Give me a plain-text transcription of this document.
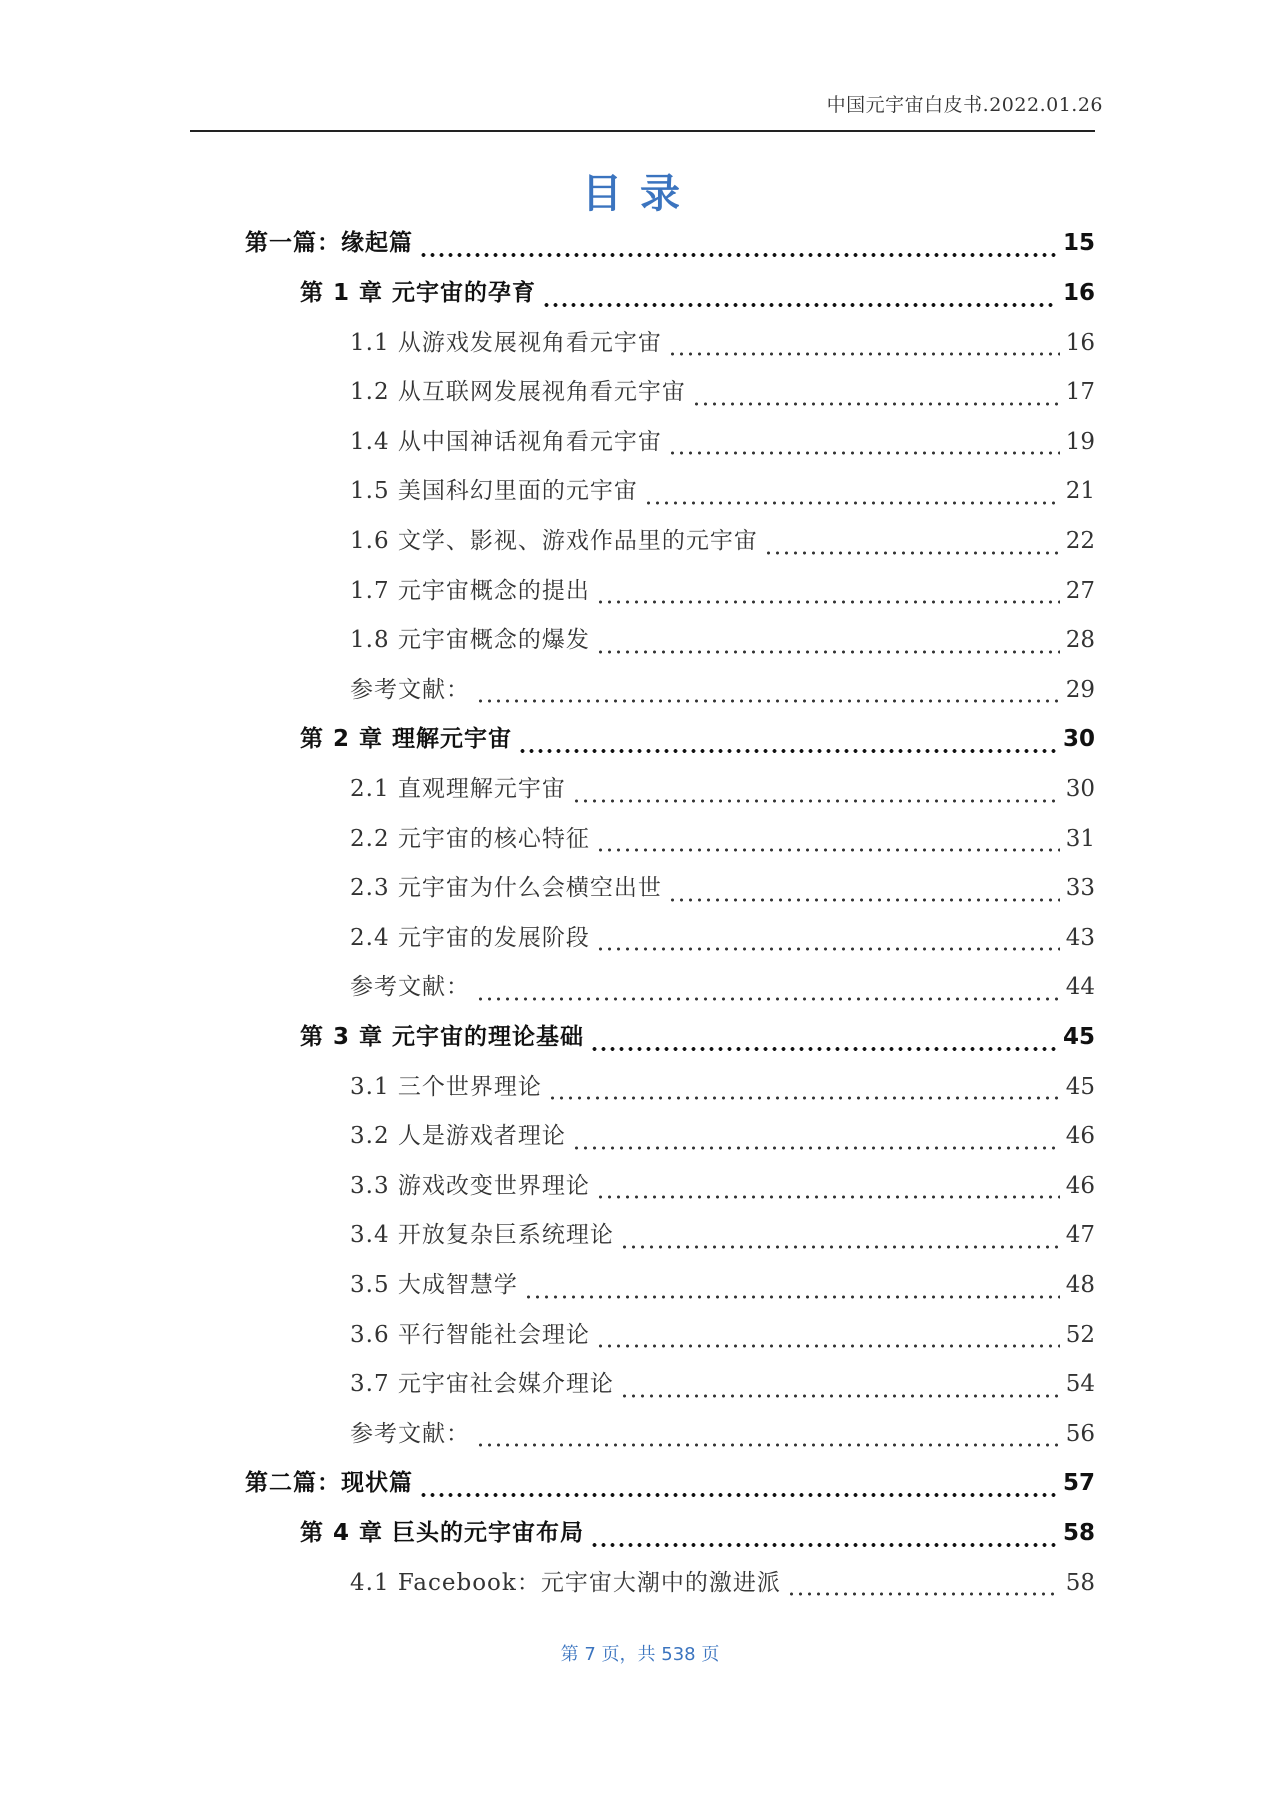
中国元宇宙白皮书.2022.01.26
目录
第一篇：缘起篇	15
第 1 章 元宇宙的孕育	16
1.1 从游戏发展视角看元宇宙	16
1.2 从互联网发展视角看元宇宙	17
1.4 从中国神话视角看元宇宙	19
1.5 美国科幻里面的元宇宙	21
1.6 文学、影视、游戏作品里的元宇宙	22
1.7 元宇宙概念的提出	27
1.8 元宇宙概念的爆发	28
参考文献：	29
第 2 章 理解元宇宙	30
2.1 直观理解元宇宙	30
2.2 元宇宙的核心特征	31
2.3 元宇宙为什么会横空出世	33
2.4 元宇宙的发展阶段	43
参考文献：	44
第 3 章 元宇宙的理论基础	45
3.1 三个世界理论	45
3.2 人是游戏者理论	46
3.3 游戏改变世界理论	46
3.4 开放复杂巨系统理论	47
3.5 大成智慧学	48
3.6 平行智能社会理论	52
3.7 元宇宙社会媒介理论	54
参考文献：	56
第二篇：现状篇	57
第 4 章 巨头的元宇宙布局	58
4.1 Facebook：元宇宙大潮中的激进派	58
第 7 页，共 538 页
